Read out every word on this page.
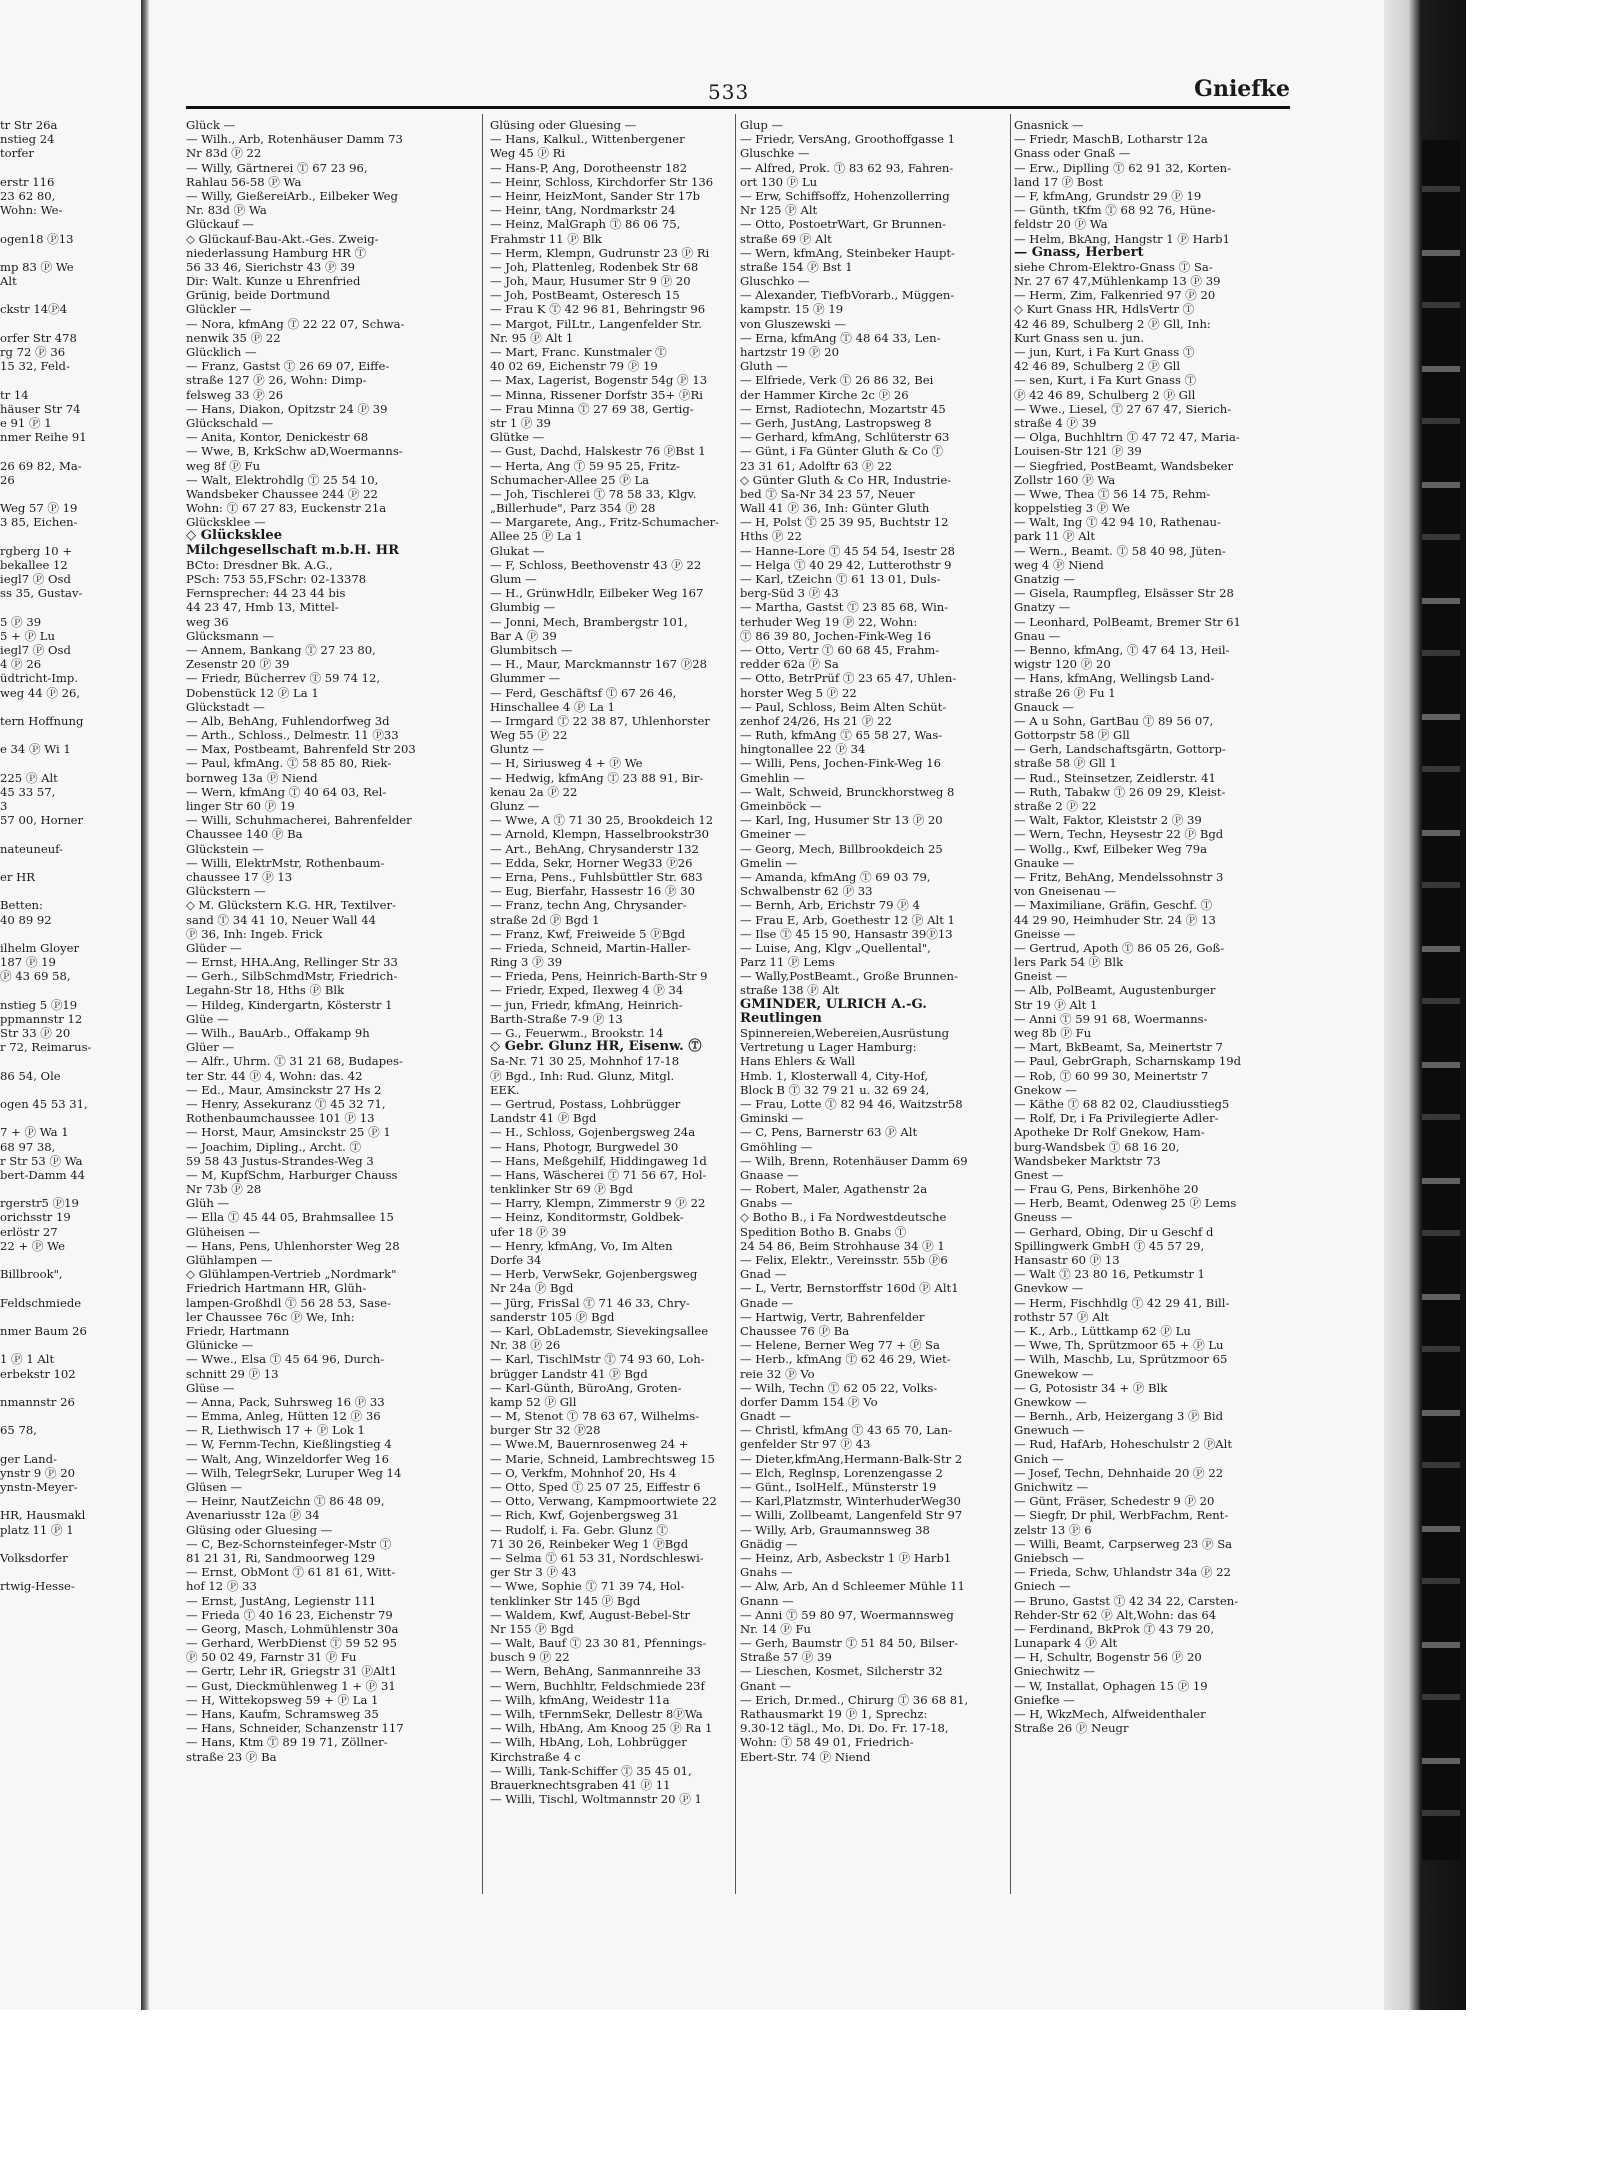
533	Gniefke
tr Str 26a
nstieg 24
torfer

erstr 116
23 62 80,
Wohn: We-

ogen18 Ⓟ13

mp 83 Ⓟ We
Alt

ckstr 14Ⓟ4

orfer Str 478
rg 72 Ⓟ 36
15 32, Feld-

tr 14
häuser Str 74
e 91 Ⓟ 1
nmer Reihe 91

26 69 82, Ma-
26

Weg 57 Ⓟ 19
3 85, Eichen-

rgberg 10 +
bekallee 12
iegl7 Ⓟ Osd
ss 35, Gustav-

5 Ⓟ 39
5 + Ⓟ Lu
iegl7 Ⓟ Osd
4 Ⓟ 26
üdtricht-Imp.
weg 44 Ⓟ 26,

tern Hoffnung

e 34 Ⓟ Wi 1

225 Ⓟ Alt
45 33 57,
3
57 00, Horner

nateuneuf-

er HR

Betten:
40 89 92

ilhelm Gloyer
187 Ⓟ 19
Ⓟ 43 69 58,

nstieg 5 Ⓟ19
ppmannstr 12
Str 33 Ⓟ 20
r 72, Reimarus-

86 54, Ole

ogen 45 53 31,

7 + Ⓟ Wa 1
68 97 38,
r Str 53 Ⓟ Wa
bert-Damm 44

rgerstr5 Ⓟ19
orichsstr 19
erlöstr 27
22 + Ⓟ We

Billbrook",

Feldschmiede

nmer Baum 26

1 Ⓟ 1 Alt
erbekstr 102

nmannstr 26

65 78,

ger Land-
ynstr 9 Ⓟ 20
ynstn-Meyer-

HR, Hausmakl
platz 11 Ⓟ 1

Volksdorfer

rtwig-Hesse-
Glück —
— Wilh., Arb, Rotenhäuser Damm 73
Nr 83d Ⓟ 22
— Willy, Gärtnerei Ⓣ 67 23 96,
Rahlau 56-58 Ⓟ Wa
— Willy, GießereiArb., Eilbeker Weg
Nr. 83d Ⓟ Wa
Glückauf —
◇ Glückauf-Bau-Akt.-Ges. Zweig-
niederlassung Hamburg HR Ⓣ
56 33 46, Sierichstr 43 Ⓟ 39
Dir: Walt. Kunze u Ehrenfried
Grünig, beide Dortmund
Glückler —
— Nora, kfmAng Ⓣ 22 22 07, Schwa-
nenwik 35 Ⓟ 22
Glücklich —
— Franz, Gastst Ⓣ 26 69 07, Eiffe-
straße 127 Ⓟ 26, Wohn: Dimp-
felsweg 33 Ⓟ 26
— Hans, Diakon, Opitzstr 24 Ⓟ 39
Glückschald —
— Anita, Kontor, Denickestr 68
— Wwe, B, KrkSchw aD,Woermanns-
weg 8f Ⓟ Fu
— Walt, Elektrohdlg Ⓣ 25 54 10,
Wandsbeker Chaussee 244 Ⓟ 22
Wohn: Ⓣ 67 27 83, Euckenstr 21a
Glücksklee —
◇ Glücksklee
Milchgesellschaft m.b.H. HR
BCto: Dresdner Bk. A.G.,
PSch: 753 55,FSchr: 02-13378
Fernsprecher: 44 23 44 bis
44 23 47, Hmb 13, Mittel-
weg 36
Glücksmann —
— Annem, Bankang Ⓣ 27 23 80,
Zesenstr 20 Ⓟ 39
— Friedr, Bücherrev Ⓣ 59 74 12,
Dobenstück 12 Ⓟ La 1
Glückstadt —
— Alb, BehAng, Fuhlendorfweg 3d
— Arth., Schloss., Delmestr. 11 Ⓟ33
— Max, Postbeamt, Bahrenfeld Str 203
— Paul, kfmAng. Ⓣ 58 85 80, Riek-
bornweg 13a Ⓟ Niend
— Wern, kfmAng Ⓣ 40 64 03, Rel-
linger Str 60 Ⓟ 19
— Willi, Schuhmacherei, Bahrenfelder
Chaussee 140 Ⓟ Ba
Glückstein —
— Willi, ElektrMstr, Rothenbaum-
chaussee 17 Ⓟ 13
Glückstern —
◇ M. Glückstern K.G. HR, Textilver-
sand Ⓣ 34 41 10, Neuer Wall 44
Ⓟ 36, Inh: Ingeb. Frick
Glüder —
— Ernst, HHA.Ang, Rellinger Str 33
— Gerh., SilbSchmdMstr, Friedrich-
Legahn-Str 18, Hths Ⓟ Blk
— Hildeg, Kindergartn, Kösterstr 1
Glüe —
— Wilh., BauArb., Offakamp 9h
Glüer —
— Alfr., Uhrm. Ⓣ 31 21 68, Budapes-
ter Str. 44 Ⓟ 4, Wohn: das. 42
— Ed., Maur, Amsinckstr 27 Hs 2
— Henry, Assekuranz Ⓣ 45 32 71,
Rothenbaumchaussee 101 Ⓟ 13
— Horst, Maur, Amsinckstr 25 Ⓟ 1
— Joachim, Dipling., Archt. Ⓣ
59 58 43 Justus-Strandes-Weg 3
— M, KupfSchm, Harburger Chauss
Nr 73b Ⓟ 28
Glüh —
— Ella Ⓣ 45 44 05, Brahmsallee 15
Glüheisen —
— Hans, Pens, Uhlenhorster Weg 28
Glühlampen —
◇ Glühlampen-Vertrieb „Nordmark"
Friedrich Hartmann HR, Glüh-
lampen-Großhdl Ⓣ 56 28 53, Sase-
ler Chaussee 76c Ⓟ We, Inh:
Friedr, Hartmann
Glünicke —
— Wwe., Elsa Ⓣ 45 64 96, Durch-
schnitt 29 Ⓟ 13
Glüse —
— Anna, Pack, Suhrsweg 16 Ⓟ 33
— Emma, Anleg, Hütten 12 Ⓟ 36
— R, Liethwisch 17 + Ⓟ Lok 1
— W, Fernm-Techn, Kießlingstieg 4
— Walt, Ang, Winzeldorfer Weg 16
— Wilh, TelegrSekr, Luruper Weg 14
Glüsen —
— Heinr, NautZeichn Ⓣ 86 48 09,
Avenariusstr 12a Ⓟ 34
Glüsing oder Gluesing —
— C, Bez-Schornsteinfeger-Mstr Ⓣ
81 21 31, Ri, Sandmoorweg 129
— Ernst, ObMont Ⓣ 61 81 61, Witt-
hof 12 Ⓟ 33
— Ernst, JustAng, Legienstr 111
— Frieda Ⓣ 40 16 23, Eichenstr 79
— Georg, Masch, Lohmühlenstr 30a
— Gerhard, WerbDienst Ⓣ 59 52 95
Ⓟ 50 02 49, Farnstr 31 Ⓟ Fu
— Gertr, Lehr iR, Griegstr 31 ⓅAlt1
— Gust, Dieckmühlenweg 1 + Ⓟ 31
— H, Wittekopsweg 59 + Ⓟ La 1
— Hans, Kaufm, Schramsweg 35
— Hans, Schneider, Schanzenstr 117
— Hans, Ktm Ⓣ 89 19 71, Zöllner-
straße 23 Ⓟ Ba
Glüsing oder Gluesing —
— Hans, Kalkul., Wittenbergener
Weg 45 Ⓟ Ri
— Hans-P, Ang, Dorotheenstr 182
— Heinr, Schloss, Kirchdorfer Str 136
— Heinr, HeizMont, Sander Str 17b
— Heinr, tAng, Nordmarkstr 24
— Heinz, MalGraph Ⓣ 86 06 75,
Frahmstr 11 Ⓟ Blk
— Herm, Klempn, Gudrunstr 23 Ⓟ Ri
— Joh, Plattenleg, Rodenbek Str 68
— Joh, Maur, Husumer Str 9 Ⓟ 20
— Joh, PostBeamt, Osteresch 15
— Frau K Ⓣ 42 96 81, Behringstr 96
— Margot, FilLtr., Langenfelder Str.
Nr. 95 Ⓟ Alt 1
— Mart, Franc. Kunstmaler Ⓣ
40 02 69, Eichenstr 79 Ⓟ 19
— Max, Lagerist, Bogenstr 54g Ⓟ 13
— Minna, Rissener Dorfstr 35+ ⓅRi
— Frau Minna Ⓣ 27 69 38, Gertig-
str 1 Ⓟ 39
Glütke —
— Gust, Dachd, Halskestr 76 ⓅBst 1
— Herta, Ang Ⓣ 59 95 25, Fritz-
Schumacher-Allee 25 Ⓟ La
— Joh, Tischlerei Ⓣ 78 58 33, Klgv.
„Billerhude", Parz 354 Ⓟ 28
— Margarete, Ang., Fritz-Schumacher-
Allee 25 Ⓟ La 1
Glukat —
— F, Schloss, Beethovenstr 43 Ⓟ 22
Glum —
— H., GrünwHdlr, Eilbeker Weg 167
Glumbig —
— Jonni, Mech, Brambergstr 101,
Bar A Ⓟ 39
Glumbitsch —
— H., Maur, Marckmannstr 167 Ⓟ28
Glummer —
— Ferd, Geschäftsf Ⓣ 67 26 46,
Hinschallee 4 Ⓟ La 1
— Irmgard Ⓣ 22 38 87, Uhlenhorster
Weg 55 Ⓟ 22
Gluntz —
— H, Siriusweg 4 + Ⓟ We
— Hedwig, kfmAng Ⓣ 23 88 91, Bir-
kenau 2a Ⓟ 22
Glunz —
— Wwe, A Ⓣ 71 30 25, Brookdeich 12
— Arnold, Klempn, Hasselbrookstr30
— Art., BehAng, Chrysanderstr 132
— Edda, Sekr, Horner Weg33 Ⓟ26
— Erna, Pens., Fuhlsbüttler Str. 683
— Eug, Bierfahr, Hassestr 16 Ⓟ 30
— Franz, techn Ang, Chrysander-
straße 2d Ⓟ Bgd 1
— Franz, Kwf, Freiweide 5 ⓅBgd
— Frieda, Schneid, Martin-Haller-
Ring 3 Ⓟ 39
— Frieda, Pens, Heinrich-Barth-Str 9
— Friedr, Exped, Ilexweg 4 Ⓟ 34
— jun, Friedr, kfmAng, Heinrich-
Barth-Straße 7-9 Ⓟ 13
— G., Feuerwm., Brookstr. 14
◇ Gebr. Glunz HR, Eisenw. Ⓣ
Sa-Nr. 71 30 25, Mohnhof 17-18
Ⓟ Bgd., Inh: Rud. Glunz, Mitgl.
EEK.
— Gertrud, Postass, Lohbrügger
Landstr 41 Ⓟ Bgd
— H., Schloss, Gojenbergsweg 24a
— Hans, Photogr, Burgwedel 30
— Hans, Meßgehilf, Hiddingaweg 1d
— Hans, Wäscherei Ⓣ 71 56 67, Hol-
tenklinker Str 69 Ⓟ Bgd
— Harry, Klempn, Zimmerstr 9 Ⓟ 22
— Heinz, Konditormstr, Goldbek-
ufer 18 Ⓟ 39
— Henry, kfmAng, Vo, Im Alten
Dorfe 34
— Herb, VerwSekr, Gojenbergsweg
Nr 24a Ⓟ Bgd
— Jürg, FrisSal Ⓣ 71 46 33, Chry-
sanderstr 105 Ⓟ Bgd
— Karl, ObLademstr, Sievekingsallee
Nr. 38 Ⓟ 26
— Karl, TischlMstr Ⓣ 74 93 60, Loh-
brügger Landstr 41 Ⓟ Bgd
— Karl-Günth, BüroAng, Groten-
kamp 52 Ⓟ Gll
— M, Stenot Ⓣ 78 63 67, Wilhelms-
burger Str 32 Ⓟ28
— Wwe.M, Bauernrosenweg 24 +
— Marie, Schneid, Lambrechtsweg 15
— O, Verkfm, Mohnhof 20, Hs 4
— Otto, Sped Ⓣ 25 07 25, Eiffestr 6
— Otto, Verwang, Kampmoortwiete 22
— Rich, Kwf, Gojenbergsweg 31
— Rudolf, i. Fa. Gebr. Glunz Ⓣ
71 30 26, Reinbeker Weg 1 ⓅBgd
— Selma Ⓣ 61 53 31, Nordschleswi-
ger Str 3 Ⓟ 43
— Wwe, Sophie Ⓣ 71 39 74, Hol-
tenklinker Str 145 Ⓟ Bgd
— Waldem, Kwf, August-Bebel-Str
Nr 155 Ⓟ Bgd
— Walt, Bauf Ⓣ 23 30 81, Pfennings-
busch 9 Ⓟ 22
— Wern, BehAng, Sanmannreihe 33
— Wern, Buchhltr, Feldschmiede 23f
— Wilh, kfmAng, Weidestr 11a
— Wilh, tFernmSekr, Dellestr 8ⓅWa
— Wilh, HbAng, Am Knoog 25 Ⓟ Ra 1
— Wilh, HbAng, Loh, Lohbrügger
Kirchstraße 4 c
— Willi, Tank-Schiffer Ⓣ 35 45 01,
Brauerknechtsgraben 41 Ⓟ 11
— Willi, Tischl, Woltmannstr 20 Ⓟ 1
Glup —
— Friedr, VersAng, Groothoffgasse 1
Gluschke —
— Alfred, Prok. Ⓣ 83 62 93, Fahren-
ort 130 Ⓟ Lu
— Erw, Schiffsoffz, Hohenzollerring
Nr 125 Ⓟ Alt
— Otto, PostoetrWart, Gr Brunnen-
straße 69 Ⓟ Alt
— Wern, kfmAng, Steinbeker Haupt-
straße 154 Ⓟ Bst 1
Gluschko —
— Alexander, TiefbVorarb., Müggen-
kampstr. 15 Ⓟ 19
von Gluszewski —
— Erna, kfmAng Ⓣ 48 64 33, Len-
hartzstr 19 Ⓟ 20
Gluth —
— Elfriede, Verk Ⓣ 26 86 32, Bei
der Hammer Kirche 2c Ⓟ 26
— Ernst, Radiotechn, Mozartstr 45
— Gerh, JustAng, Lastropsweg 8
— Gerhard, kfmAng, Schlüterstr 63
— Günt, i Fa Günter Gluth & Co Ⓣ
23 31 61, Adolftr 63 Ⓟ 22
◇ Günter Gluth & Co HR, Industrie-
bed Ⓣ Sa-Nr 34 23 57, Neuer
Wall 41 Ⓟ 36, Inh: Günter Gluth
— H, Polst Ⓣ 25 39 95, Buchtstr 12
Hths Ⓟ 22
— Hanne-Lore Ⓣ 45 54 54, Isestr 28
— Helga Ⓣ 40 29 42, Lutterothstr 9
— Karl, tZeichn Ⓣ 61 13 01, Duls-
berg-Süd 3 Ⓟ 43
— Martha, Gastst Ⓣ 23 85 68, Win-
terhuder Weg 19 Ⓟ 22, Wohn:
Ⓣ 86 39 80, Jochen-Fink-Weg 16
— Otto, Vertr Ⓣ 60 68 45, Frahm-
redder 62a Ⓟ Sa
— Otto, BetrPrüf Ⓣ 23 65 47, Uhlen-
horster Weg 5 Ⓟ 22
— Paul, Schloss, Beim Alten Schüt-
zenhof 24/26, Hs 21 Ⓟ 22
— Ruth, kfmAng Ⓣ 65 58 27, Was-
hingtonallee 22 Ⓟ 34
— Willi, Pens, Jochen-Fink-Weg 16
Gmehlin —
— Walt, Schweid, Brunckhorstweg 8
Gmeinböck —
— Karl, Ing, Husumer Str 13 Ⓟ 20
Gmeiner —
— Georg, Mech, Billbrookdeich 25
Gmelin —
— Amanda, kfmAng Ⓣ 69 03 79,
Schwalbenstr 62 Ⓟ 33
— Bernh, Arb, Erichstr 79 Ⓟ 4
— Frau E, Arb, Goethestr 12 Ⓟ Alt 1
— Ilse Ⓣ 45 15 90, Hansastr 39Ⓟ13
— Luise, Ang, Klgv „Quellental",
Parz 11 Ⓟ Lems
— Wally,PostBeamt., Große Brunnen-
straße 138 Ⓟ Alt
GMINDER, ULRICH A.-G.
Reutlingen
Spinnereien,Webereien,Ausrüstung
Vertretung u Lager Hamburg:
Hans Ehlers & Wall
Hmb. 1, Klosterwall 4, City-Hof,
Block B Ⓣ 32 79 21 u. 32 69 24,
— Frau, Lotte Ⓣ 82 94 46, Waitzstr58
Gminski —
— C, Pens, Barnerstr 63 Ⓟ Alt
Gmöhling —
— Wilh, Brenn, Rotenhäuser Damm 69
Gnaase —
— Robert, Maler, Agathenstr 2a
Gnabs —
◇ Botho B., i Fa Nordwestdeutsche
Spedition Botho B. Gnabs Ⓣ
24 54 86, Beim Strohhause 34 Ⓟ 1
— Felix, Elektr., Vereinsstr. 55b Ⓟ6
Gnad —
— L, Vertr, Bernstorffstr 160d Ⓟ Alt1
Gnade —
— Hartwig, Vertr, Bahrenfelder
Chaussee 76 Ⓟ Ba
— Helene, Berner Weg 77 + Ⓟ Sa
— Herb., kfmAng Ⓣ 62 46 29, Wiet-
reie 32 Ⓟ Vo
— Wilh, Techn Ⓣ 62 05 22, Volks-
dorfer Damm 154 Ⓟ Vo
Gnadt —
— Christl, kfmAng Ⓣ 43 65 70, Lan-
genfelder Str 97 Ⓟ 43
— Dieter,kfmAng,Hermann-Balk-Str 2
— Elch, Reglnsp, Lorenzengasse 2
— Günt., IsolHelf., Münsterstr 19
— Karl,Platzmstr, WinterhuderWeg30
— Willi, Zollbeamt, Langenfeld Str 97
— Willy, Arb, Graumannsweg 38
Gnädig —
— Heinz, Arb, Asbeckstr 1 Ⓟ Harb1
Gnahs —
— Alw, Arb, An d Schleemer Mühle 11
Gnann —
— Anni Ⓣ 59 80 97, Woermannsweg
Nr. 14 Ⓟ Fu
— Gerh, Baumstr Ⓣ 51 84 50, Bilser-
Straße 57 Ⓟ 39
— Lieschen, Kosmet, Silcherstr 32
Gnant —
— Erich, Dr.med., Chirurg Ⓣ 36 68 81,
Rathausmarkt 19 Ⓟ 1, Sprechz:
9.30-12 tägl., Mo. Di. Do. Fr. 17-18,
Wohn: Ⓣ 58 49 01, Friedrich-
Ebert-Str. 74 Ⓟ Niend
Gnasnick —
— Friedr, MaschB, Lotharstr 12a
Gnass oder Gnaß —
— Erw., Diplling Ⓣ 62 91 32, Korten-
land 17 Ⓟ Bost
— F, kfmAng, Grundstr 29 Ⓟ 19
— Günth, tKfm Ⓣ 68 92 76, Hüne-
feldstr 20 Ⓟ Wa
— Helm, BkAng, Hangstr 1 Ⓟ Harb1
— Gnass, Herbert
siehe Chrom-Elektro-Gnass Ⓣ Sa-
Nr. 27 67 47,Mühlenkamp 13 Ⓟ 39
— Herm, Zim, Falkenried 97 Ⓟ 20
◇ Kurt Gnass HR, HdlsVertr Ⓣ
42 46 89, Schulberg 2 Ⓟ Gll, Inh:
Kurt Gnass sen u. jun.
— jun, Kurt, i Fa Kurt Gnass Ⓣ
42 46 89, Schulberg 2 Ⓟ Gll
— sen, Kurt, i Fa Kurt Gnass Ⓣ
Ⓟ 42 46 89, Schulberg 2 Ⓟ Gll
— Wwe., Liesel, Ⓣ 27 67 47, Sierich-
straße 4 Ⓟ 39
— Olga, Buchhltrn Ⓣ 47 72 47, Maria-
Louisen-Str 121 Ⓟ 39
— Siegfried, PostBeamt, Wandsbeker
Zollstr 160 Ⓟ Wa
— Wwe, Thea Ⓣ 56 14 75, Rehm-
koppelstieg 3 Ⓟ We
— Walt, Ing Ⓣ 42 94 10, Rathenau-
park 11 Ⓟ Alt
— Wern., Beamt. Ⓣ 58 40 98, Jüten-
weg 4 Ⓟ Niend
Gnatzig —
— Gisela, Raumpfleg, Elsässer Str 28
Gnatzy —
— Leonhard, PolBeamt, Bremer Str 61
Gnau —
— Benno, kfmAng, Ⓣ 47 64 13, Heil-
wigstr 120 Ⓟ 20
— Hans, kfmAng, Wellingsb Land-
straße 26 Ⓟ Fu 1
Gnauck —
— A u Sohn, GartBau Ⓣ 89 56 07,
Gottorpstr 58 Ⓟ Gll
— Gerh, Landschaftsgärtn, Gottorp-
straße 58 Ⓟ Gll 1
— Rud., Steinsetzer, Zeidlerstr. 41
— Ruth, Tabakw Ⓣ 26 09 29, Kleist-
straße 2 Ⓟ 22
— Walt, Faktor, Kleiststr 2 Ⓟ 39
— Wern, Techn, Heysestr 22 Ⓟ Bgd
— Wollg., Kwf, Eilbeker Weg 79a
Gnauke —
— Fritz, BehAng, Mendelssohnstr 3
von Gneisenau —
— Maximiliane, Gräfin, Geschf. Ⓣ
44 29 90, Heimhuder Str. 24 Ⓟ 13
Gneisse —
— Gertrud, Apoth Ⓣ 86 05 26, Goß-
lers Park 54 Ⓟ Blk
Gneist —
— Alb, PolBeamt, Augustenburger
Str 19 Ⓟ Alt 1
— Anni Ⓣ 59 91 68, Woermanns-
weg 8b Ⓟ Fu
— Mart, BkBeamt, Sa, Meinertstr 7
— Paul, GebrGraph, Scharnskamp 19d
— Rob, Ⓣ 60 99 30, Meinertstr 7
Gnekow —
— Käthe Ⓣ 68 82 02, Claudiusstieg5
— Rolf, Dr, i Fa Privilegierte Adler-
Apotheke Dr Rolf Gnekow, Ham-
burg-Wandsbek Ⓣ 68 16 20,
Wandsbeker Marktstr 73
Gnest —
— Frau G, Pens, Birkenhöhe 20
— Herb, Beamt, Odenweg 25 Ⓟ Lems
Gneuss —
— Gerhard, Obing, Dir u Geschf d
Spillingwerk GmbH Ⓣ 45 57 29,
Hansastr 60 Ⓟ 13
— Walt Ⓣ 23 80 16, Petkumstr 1
Gnevkow —
— Herm, Fischhdlg Ⓣ 42 29 41, Bill-
rothstr 57 Ⓟ Alt
— K., Arb., Lüttkamp 62 Ⓟ Lu
— Wwe, Th, Sprützmoor 65 + Ⓟ Lu
— Wilh, Maschb, Lu, Sprützmoor 65
Gnewekow —
— G, Potosistr 34 + Ⓟ Blk
Gnewkow —
— Bernh., Arb, Heizergang 3 Ⓟ Bid
Gnewuch —
— Rud, HafArb, Hoheschulstr 2 ⓅAlt
Gnich —
— Josef, Techn, Dehnhaide 20 Ⓟ 22
Gnichwitz —
— Günt, Fräser, Schedestr 9 Ⓟ 20
— Siegfr, Dr phil, WerbFachm, Rent-
zelstr 13 Ⓟ 6
— Willi, Beamt, Carpserweg 23 Ⓟ Sa
Gniebsch —
— Frieda, Schw, Uhlandstr 34a Ⓟ 22
Gniech —
— Bruno, Gastst Ⓣ 42 34 22, Carsten-
Rehder-Str 62 Ⓟ Alt,Wohn: das 64
— Ferdinand, BkProk Ⓣ 43 79 20,
Lunapark 4 Ⓟ Alt
— H, Schultr, Bogenstr 56 Ⓟ 20
Gniechwitz —
— W, Installat, Ophagen 15 Ⓟ 19
Gniefke —
— H, WkzMech, Alfweidenthaler
Straße 26 Ⓟ Neugr
